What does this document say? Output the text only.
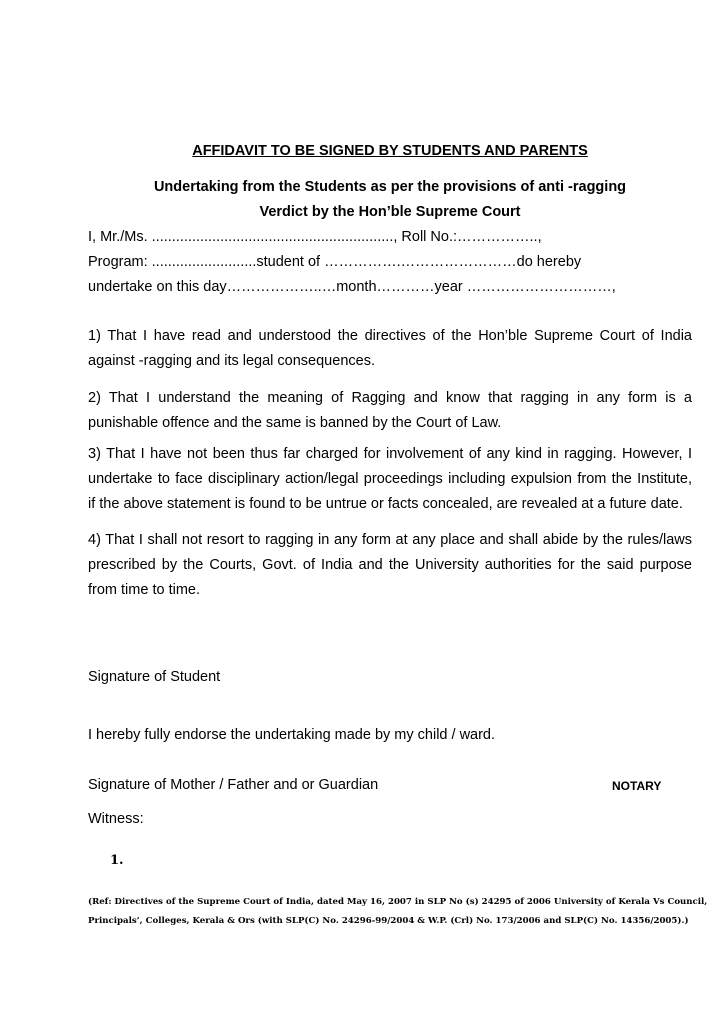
AFFIDAVIT TO BE SIGNED BY STUDENTS AND PARENTS
Undertaking from the Students as per the provisions of anti -ragging
Verdict by the Hon’ble Supreme Court
I, Mr./Ms. ............................................................, Roll No.:……………..,
Program: ..........................student of …………….……………………do hereby
undertake on this day………………..…month…………year …………………………,
1) That I have read and understood the directives of the Hon’ble Supreme Court of India
against -ragging and its legal consequences.
2) That I understand the meaning of Ragging and know that ragging in any form is a
punishable offence and the same is banned by the Court of Law.
3) That I have not been thus far charged for involvement of any kind in ragging. However, I
undertake to face disciplinary action/legal proceedings including expulsion from the Institute,
if the above statement is found to be untrue or facts concealed, are revealed at a future date.
4) That I shall not resort to ragging in any form at any place and shall abide by the rules/laws
prescribed by the Courts, Govt. of India and the University authorities for the said purpose
from time to time.
Signature of Student
I hereby fully endorse the undertaking made by my child / ward.
Signature of Mother / Father and or Guardian	NOTARY
Witness:
1.
(Ref: Directives of the Supreme Court of India, dated May 16, 2007 in SLP No (s) 24295 of 2006 University of Kerala Vs Council,
Principals’, Colleges, Kerala & Ors (with SLP(C) No. 24296-99/2004 & W.P. (Crl) No. 173/2006 and SLP(C) No. 14356/2005).)
